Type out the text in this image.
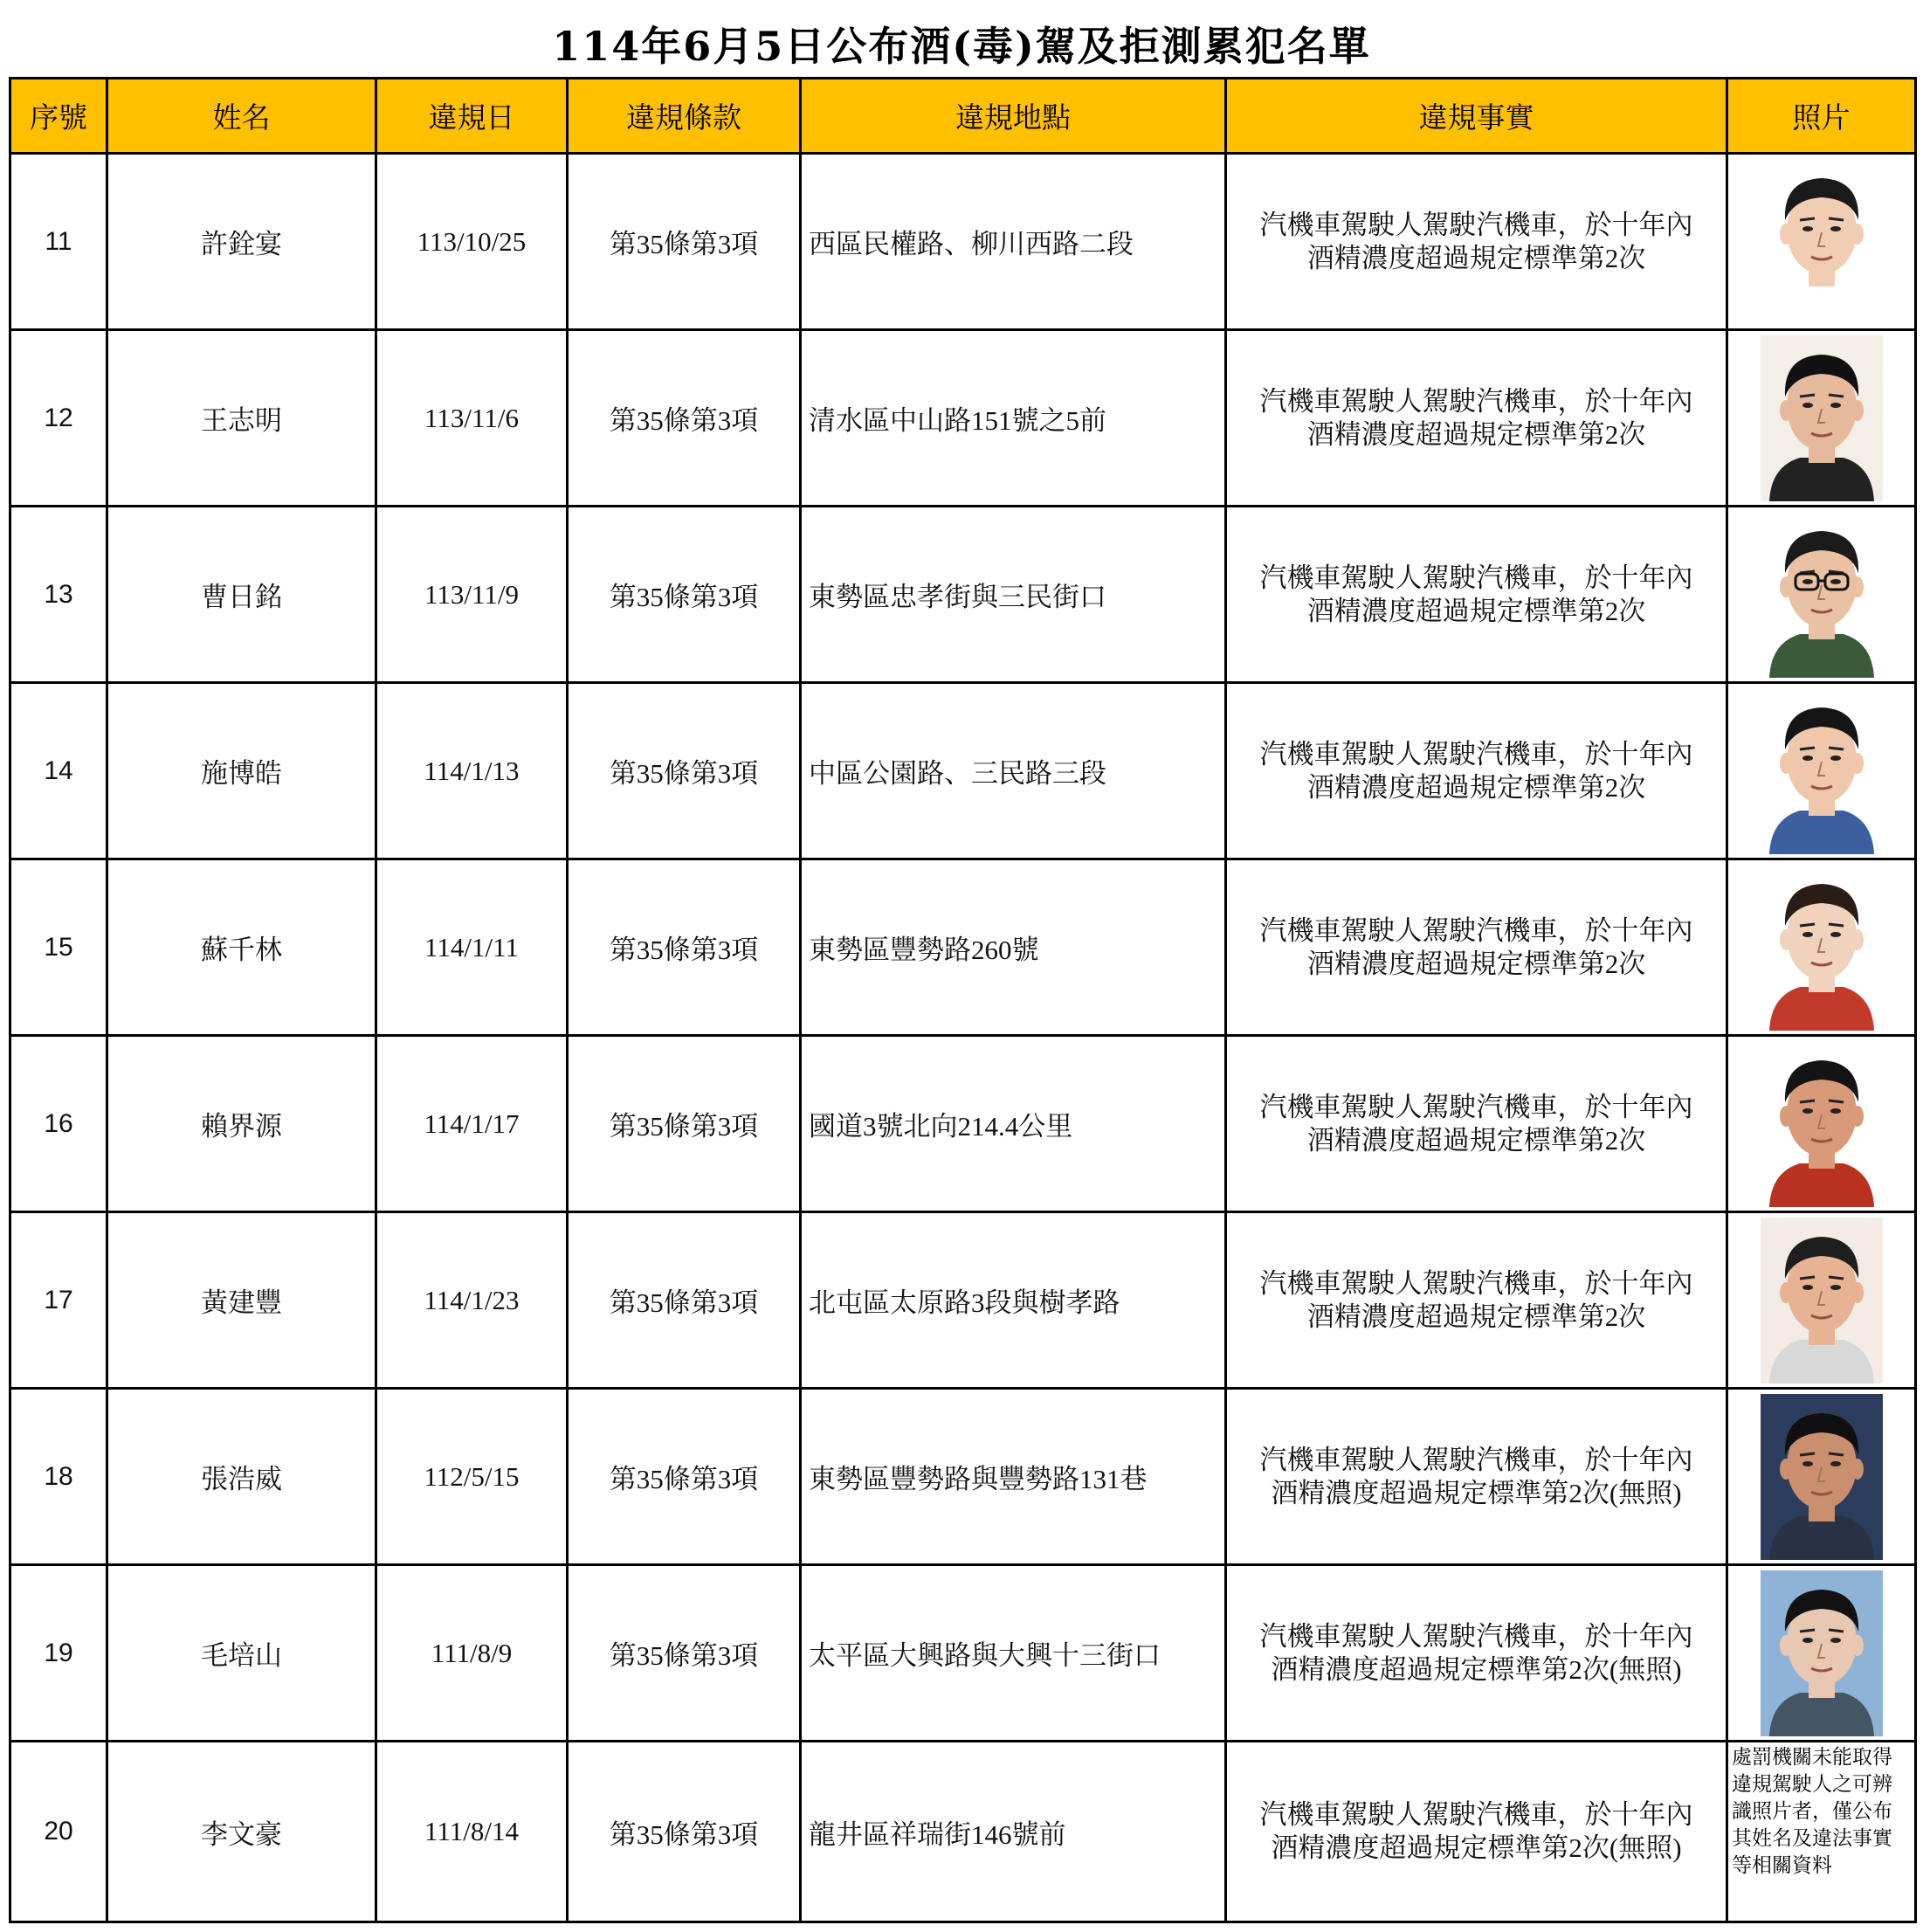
114年6月5日公布酒(毒)駕及拒測累犯名單
序號	姓名	違規日	違規條款	違規地點	違規事實	照片
11	許銓宴	113/10/25	第35條第3項	西區民權路、柳川西路二段	汽機車駕駛人駕駛汽機車，於十年內
酒精濃度超過規定標準第2次

12	王志明	113/11/6	第35條第3項	清水區中山路151號之5前	汽機車駕駛人駕駛汽機車，於十年內
酒精濃度超過規定標準第2次

13	曹日銘	113/11/9	第35條第3項	東勢區忠孝街與三民街口	汽機車駕駛人駕駛汽機車，於十年內
酒精濃度超過規定標準第2次

14	施博皓	114/1/13	第35條第3項	中區公園路、三民路三段	汽機車駕駛人駕駛汽機車，於十年內
酒精濃度超過規定標準第2次

15	蘇千林	114/1/11	第35條第3項	東勢區豐勢路260號	汽機車駕駛人駕駛汽機車，於十年內
酒精濃度超過規定標準第2次

16	賴界源	114/1/17	第35條第3項	國道3號北向214.4公里	汽機車駕駛人駕駛汽機車，於十年內
酒精濃度超過規定標準第2次

17	黃建豐	114/1/23	第35條第3項	北屯區太原路3段與樹孝路	汽機車駕駛人駕駛汽機車，於十年內
酒精濃度超過規定標準第2次

18	張浩威	112/5/15	第35條第3項	東勢區豐勢路與豐勢路131巷	汽機車駕駛人駕駛汽機車，於十年內
酒精濃度超過規定標準第2次(無照)

19	毛培山	111/8/9	第35條第3項	太平區大興路與大興十三街口	汽機車駕駛人駕駛汽機車，於十年內
酒精濃度超過規定標準第2次(無照)

20	李文豪	111/8/14	第35條第3項	龍井區祥瑞街146號前	汽機車駕駛人駕駛汽機車，於十年內
酒精濃度超過規定標準第2次(無照)	處罰機關未能取得違規駕駛人之可辨識照片者，僅公布 其姓名及違法事實等相關資料
